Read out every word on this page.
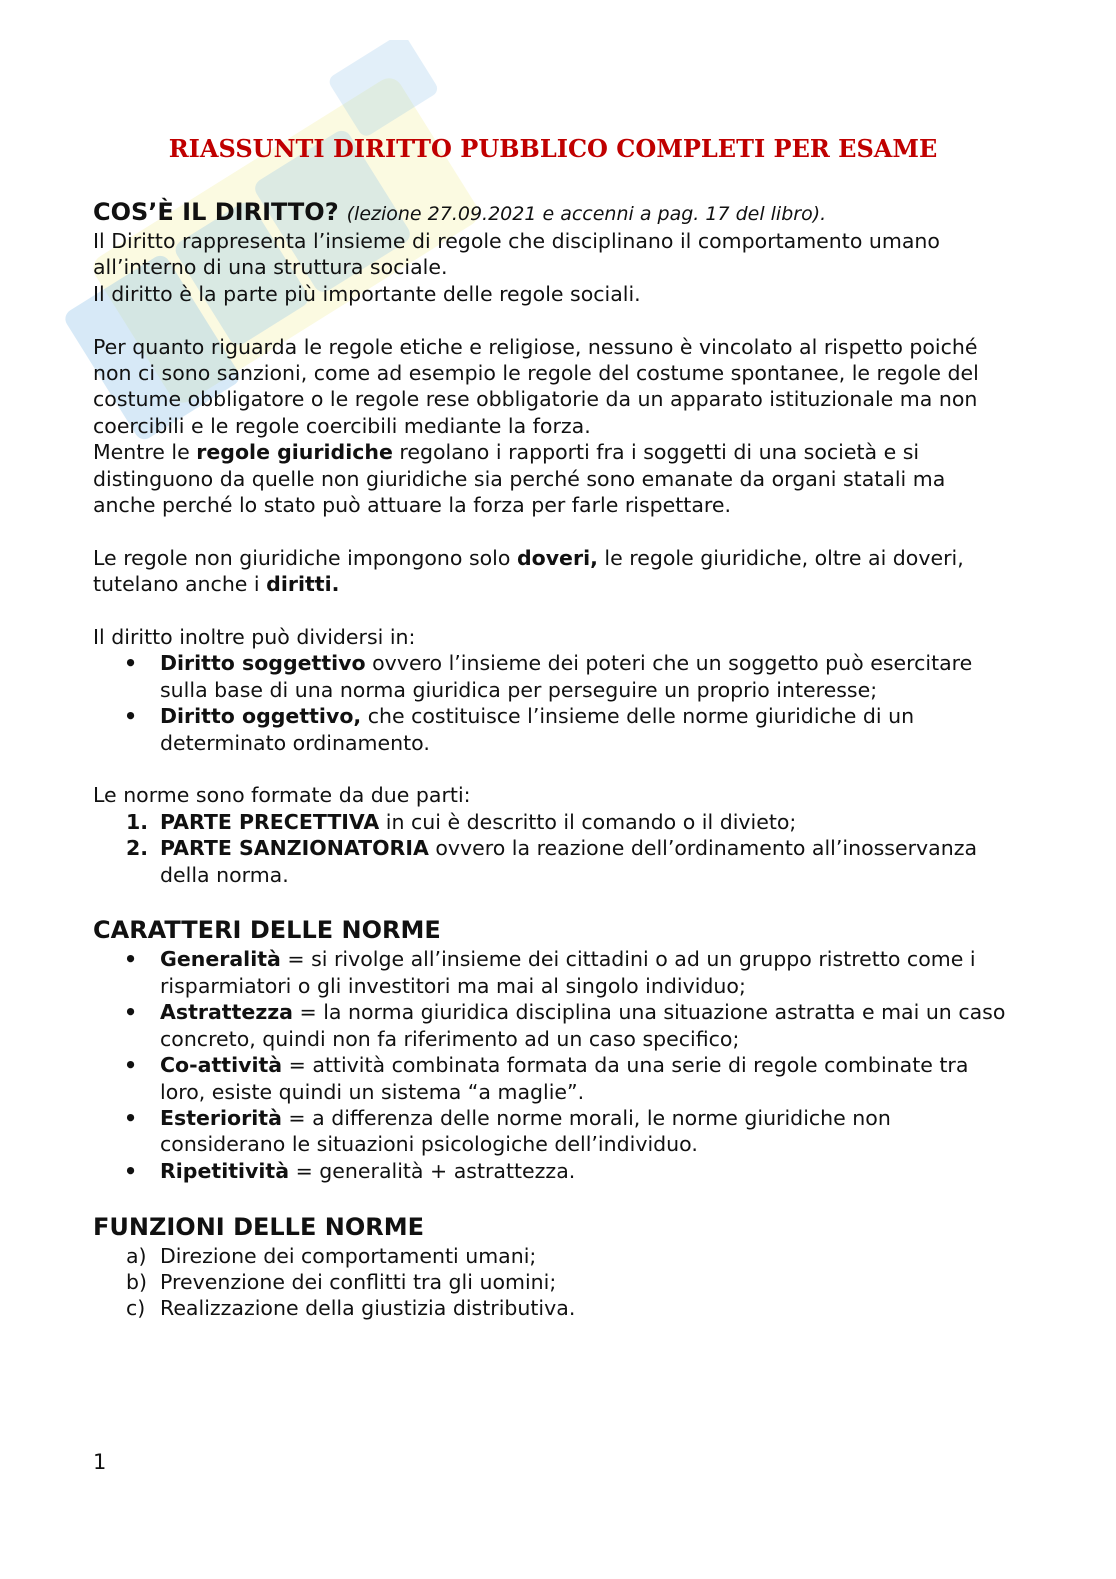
RIASSUNTI DIRITTO PUBBLICO COMPLETI PER ESAME
COS’È IL DIRITTO? (lezione 27.09.2021 e accenni a pag. 17 del libro).

Il Diritto rappresenta l’insieme di regole che disciplinano il comportamento umano all’interno di una struttura sociale.

Il diritto è la parte più importante delle regole sociali.

Per quanto riguarda le regole etiche e religiose, nessuno è vincolato al rispetto poiché non ci sono sanzioni, come ad esempio le regole del costume spontanee, le regole del costume obbligatore o le regole rese obbligatorie da un apparato istituzionale ma non coercibili e le regole coercibili mediante la forza.

Mentre le regole giuridiche regolano i rapporti fra i soggetti di una società e si distinguono da quelle non giuridiche sia perché sono emanate da organi statali ma anche perché lo stato può attuare la forza per farle rispettare.

Le regole non giuridiche impongono solo doveri, le regole giuridiche, oltre ai doveri, tutelano anche i diritti.

Il diritto inoltre può dividersi in:

• Diritto soggettivo ovvero l’insieme dei poteri che un soggetto può esercitare sulla base di una norma giuridica per perseguire un proprio interesse;
• Diritto oggettivo, che costituisce l’insieme delle norme giuridiche di un determinato ordinamento.

Le norme sono formate da due parti:

1. PARTE PRECETTIVA in cui è descritto il comando o il divieto;
2. PARTE SANZIONATORIA ovvero la reazione dell’ordinamento all’inosservanza della norma.
CARATTERI DELLE NORME
• Generalità = si rivolge all’insieme dei cittadini o ad un gruppo ristretto come i risparmiatori o gli investitori ma mai al singolo individuo;
• Astrattezza = la norma giuridica disciplina una situazione astratta e mai un caso concreto, quindi non fa riferimento ad un caso specifico;
• Co-attività = attività combinata formata da una serie di regole combinate tra loro, esiste quindi un sistema “a maglie”.
• Esteriorità = a differenza delle norme morali, le norme giuridiche non considerano le situazioni psicologiche dell’individuo.
• Ripetitività = generalità + astrattezza.
FUNZIONI DELLE NORME
a) Direzione dei comportamenti umani;
b) Prevenzione dei conflitti tra gli uomini;
c) Realizzazione della giustizia distributiva.
1
